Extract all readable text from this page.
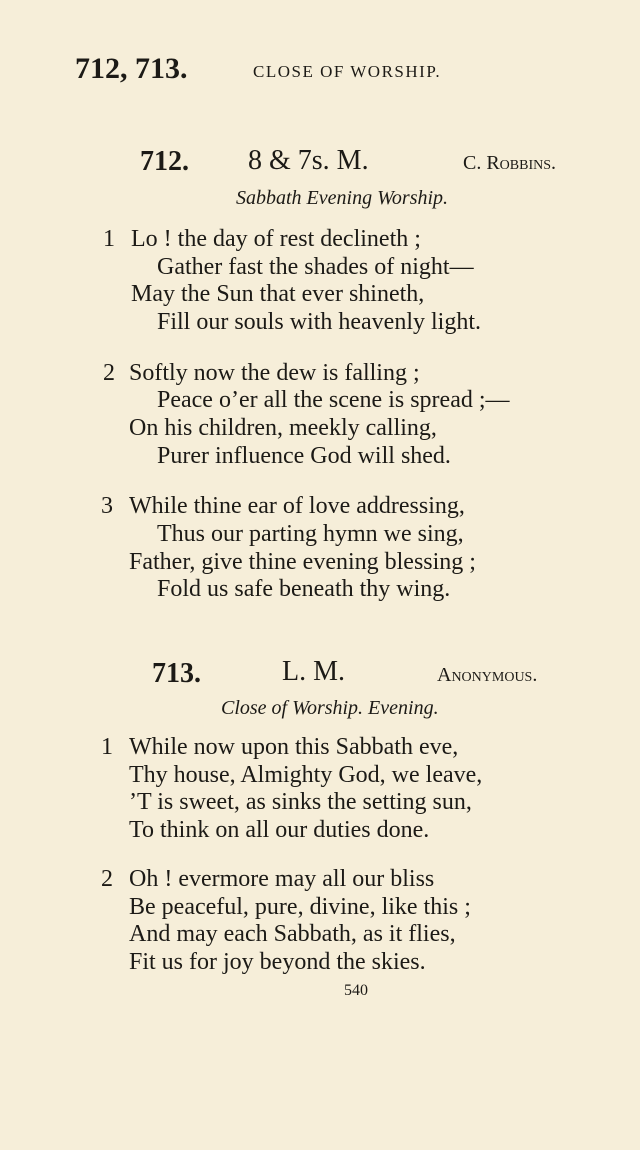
712, 713.	CLOSE OF WORSHIP.
712. 8 & 7s. M.	C. Robbins.
Sabbath Evening Worship.
1 Lo ! the day of rest declineth ;
Gather fast the shades of night—
May the Sun that ever shineth,
Fill our souls with heavenly light.
2 Softly now the dew is falling ;
Peace o’er all the scene is spread ;—
On his children, meekly calling,
Purer influence God will shed.
3 While thine ear of love addressing,
Thus our parting hymn we sing,
Father, give thine evening blessing ;
Fold us safe beneath thy wing.
713.	L. M.	Anonymous.
Close of Worship. Evening.
1 While now upon this Sabbath eve,
Thy house, Almighty God, we leave,
’T is sweet, as sinks the setting sun,
To think on all our duties done.
2 Oh ! evermore may all our bliss
Be peaceful, pure, divine, like this ;
And may each Sabbath, as it flies,
Fit us for joy beyond the skies.
540
